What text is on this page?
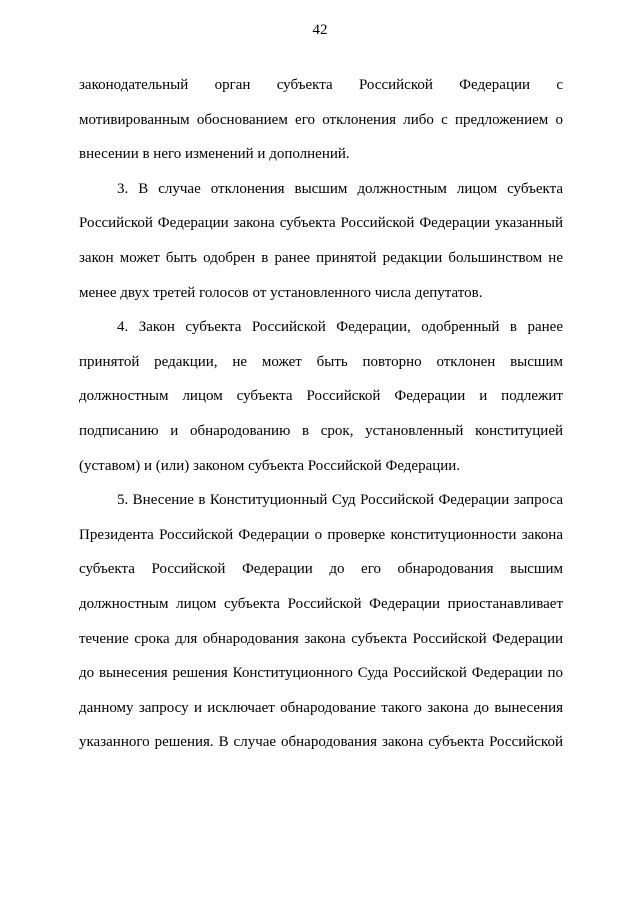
42

законодательный орган субъекта Российской Федерации с мотивированным обоснованием его отклонения либо с предложением о внесении в него изменений и дополнений.

3. В случае отклонения высшим должностным лицом субъекта Российской Федерации закона субъекта Российской Федерации указанный закон может быть одобрен в ранее принятой редакции большинством не менее двух третей голосов от установленного числа депутатов.

4. Закон субъекта Российской Федерации, одобренный в ранее принятой редакции, не может быть повторно отклонен высшим должностным лицом субъекта Российской Федерации и подлежит подписанию и обнародованию в срок, установленный конституцией (уставом) и (или) законом субъекта Российской Федерации.

5. Внесение в Конституционный Суд Российской Федерации запроса Президента Российской Федерации о проверке конституционности закона субъекта Российской Федерации до его обнародования высшим должностным лицом субъекта Российской Федерации приостанавливает течение срока для обнародования закона субъекта Российской Федерации до вынесения решения Конституционного Суда Российской Федерации по данному запросу и исключает обнародование такого закона до вынесения указанного решения. В случае обнародования закона субъекта Российской
